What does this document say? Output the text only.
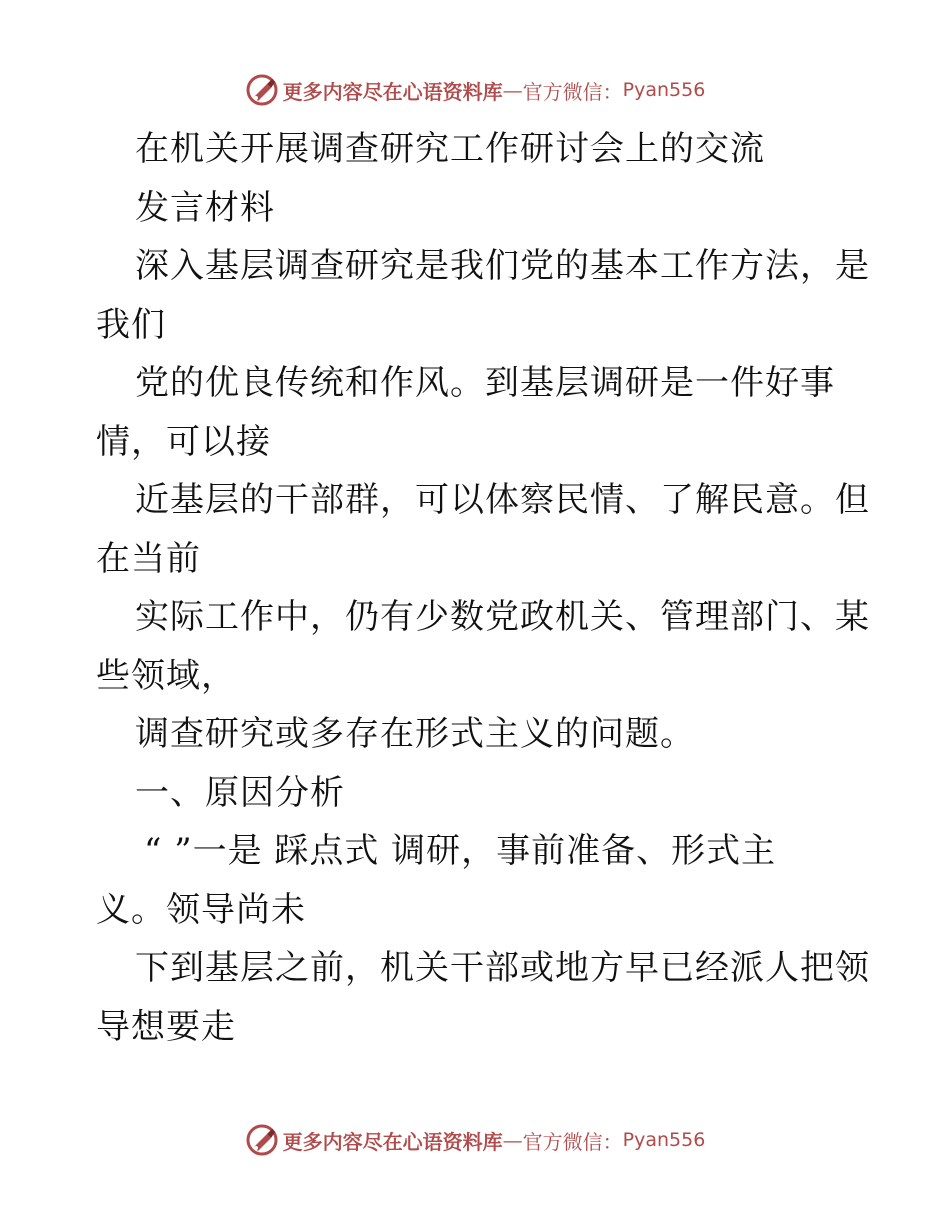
更多内容尽在心语资料库 — 官方微信： Pyan556
在机关开展调查研究工作研讨会上的交流
发言材料
深入基层调查研究是我们党的基本工作方法，是
我们
党的优良传统和作风。到基层调研是一件好事
情，可以接
近基层的干部群，可以体察民情、了解民意。但
在当前
实际工作中，仍有少数党政机关、管理部门、某
些领域，
调查研究或多存在形式主义的问题。
一、原因分析
“ ”一是 踩点式 调研，事前准备、形式主
义。领导尚未
下到基层之前，机关干部或地方早已经派人把领
导想要走
更多内容尽在心语资料库 — 官方微信： Pyan556
